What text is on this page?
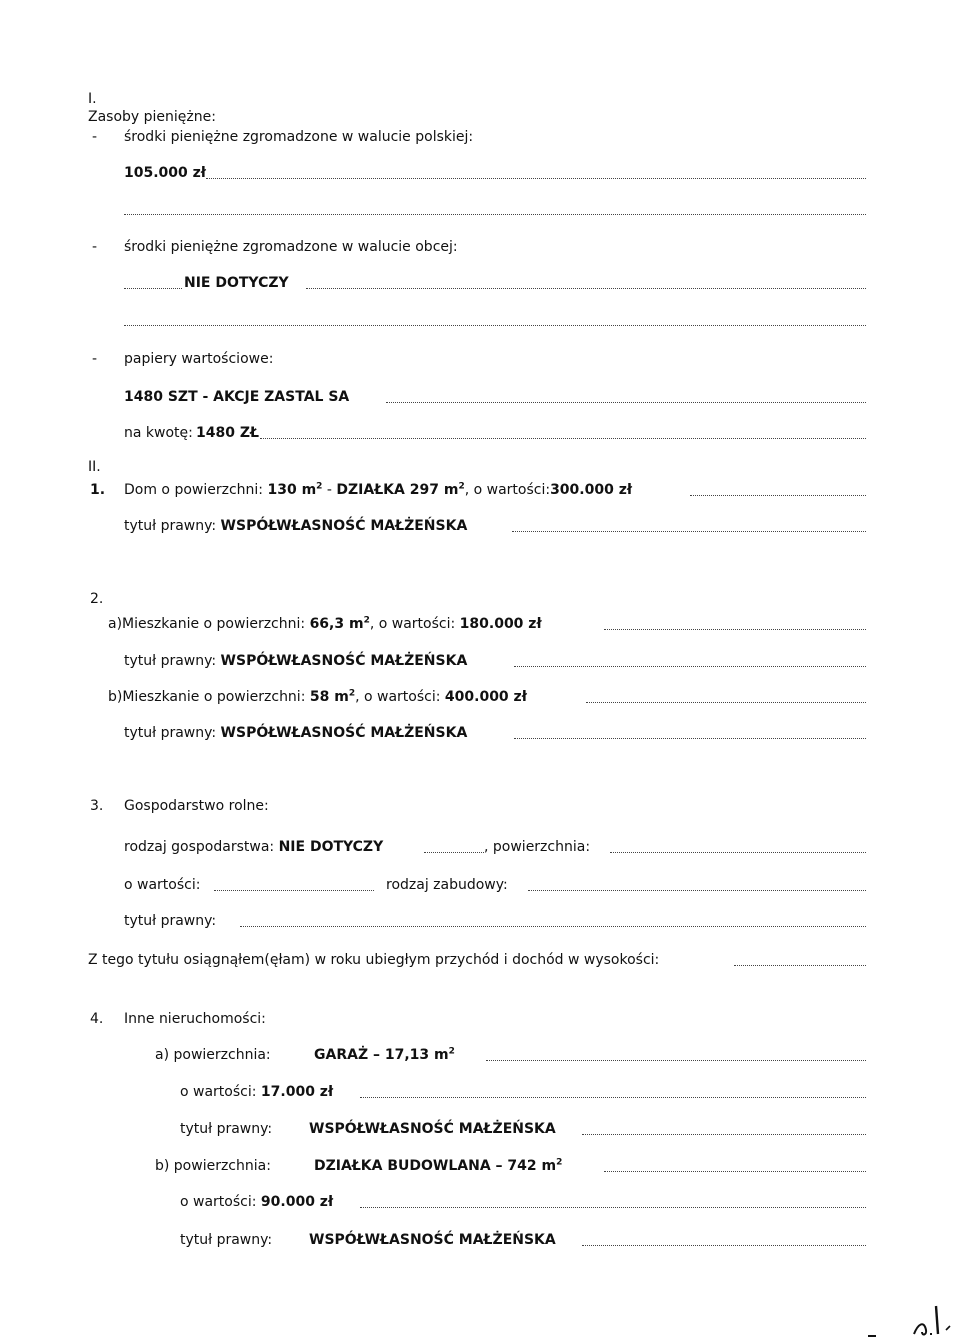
I.
Zasoby pieniężne:
- środki pieniężne zgromadzone w walucie polskiej:
105.000 zł
- środki pieniężne zgromadzone w walucie obcej:
NIE DOTYCZY
- papiery wartościowe:
1480 SZT - AKCJE ZASTAL SA
na kwotę: 1480 ZŁ
II.
1. Dom o powierzchni: 130 $m^2$ - DZIAŁKA 297 $m^2$, o wartości:300.000 zł
tytuł prawny: WSPÓŁWŁASNOŚĆ MAŁŻEŃSKA
2.
a)Mieszkanie o powierzchni: 66,3 $m^2$, o wartości: 180.000 zł
tytuł prawny: WSPÓŁWŁASNOŚĆ MAŁŻEŃSKA
b)Mieszkanie o powierzchni: 58 $m^2$, o wartości: 400.000 zł
tytuł prawny: WSPÓŁWŁASNOŚĆ MAŁŻEŃSKA
3. Gospodarstwo rolne:
rodzaj gospodarstwa: NIE DOTYCZY	, powierzchnia:
o wartości:	rodzaj zabudowy:
tytuł prawny:
Z tego tytułu osiągnąłem(ęłam) w roku ubiegłym przychód i dochód w wysokości:
4. Inne nieruchomości:
a) powierzchnia:	GARAŻ – 17,13 $m^2$
o wartości: 17.000 zł
tytuł prawny:	WSPÓŁWŁASNOŚĆ MAŁŻEŃSKA
b) powierzchnia:	DZIAŁKA BUDOWLANA – 742 $m^2$
o wartości: 90.000 zł
tytuł prawny:	WSPÓŁWŁASNOŚĆ MAŁŻEŃSKA
